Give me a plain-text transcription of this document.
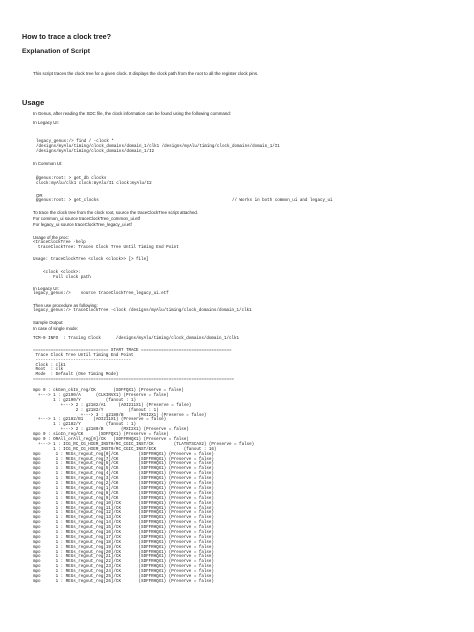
How to trace a clock tree?
Explanation of Script
This script traces the clock tree for a given clock. It displays the clock path from the root to all the register clock pins.
Usage
In Genus, after reading the SDC file, the clock information can be found using the following command:
In Legacy UI:
legacy_genus:/> find / -clock *
/designs/myAlu/timing/clock_domains/domain_1/clk1 /designs/myAlu/timing/clock_domains/domain_1/I1
/designs/myAlu/timing/clock_domains/domain_1/I2
In Common UI:
@genus:root: > get_db clocks
clock:myAlu/clk1 clock:myAlu/I1 clock:myAlu/I2
OR
@genus:root: > get_clocks	// Works in both common_ui and legacy_ui
To trace the clock tree from the clock root, source the traceClockTree script attached.
For common_ui source traceClockTree_common_ui.etf
For legacy_ui source traceClockTree_legacy_ui.etf
Usage of the proc:
<traceClockTree -help
traceClockTree: Traces Clock Tree Until Timing End Point
Usage: traceClockTree <clock <clock>> [> file]
<clock <clock>:
Full clock path
In Legacy UI:
legacy_genus:/>    source traceClockTree_legacy_ui.etf
Then use procedure as following:
legacy_genus:/> traceClockTree -clock /designs/myAlu/timing/clock_domains/domain_1/clk1
Sample Output:
In case of single mode:
TCM-0 INFO  : Tracing Clock      /designs/myAlu/timing/clock_domains/domain_1/clk1
============================== START TRACE ====================================
Trace Clock Tree Until Timing End Point
--------------------------------------
Clock : clk1
Root  : clk
Mode  : Default (One Timing Mode)
================================================================================
mpo 0 : ckGen_ckIn_reg/CK       (SDFFQX1) (Preserve = false)
+---> 1 : g2190/A      (CLKINVX1) (Preserve = false)
1 : g2190/Y          (fanout : 1)
+---> 2 : g2182/A1     (AOI211X1) (Preserve = false)
2 : g2182/Y          (fanout : 1)
+---> 3 : g2180/B      (MXI2X1) (Preserve = false)
+---> 1 : g2182/B1    (AOI211X1) (Preserve = false)
1 : g2182/Y          (fanout : 1)
+---> 2 : g2180/B       (MXI2X1) (Preserve = false)
mpo 0 : sioIn_reg/CK      (SDFFQX1) (Preserve = false)
mpo 0 : ORAll_orAll_reg[0]/CK   (SDFFRHQX1) (Preserve = false)
+---> 1 : ICG_RC_CG_HIER_INST0/RC_CGIC_INST/CK        (TLATNTSCAX2) (Preserve = false)
1 : ICG_RC_CG_HIER_INST0/RC_CGIC_INST/ECK           (fanout : 16)
mpo      1 : REGs_regout_reg[0]/CK        (SDFFRHQX1) (Preserve = false)
mpo      1 : REGs_regout_reg[7]/CK        (SDFFRHQX1) (Preserve = false)
mpo      1 : REGs_regout_reg[6]/CK        (SDFFRHQX1) (Preserve = false)
mpo      1 : REGs_regout_reg[5]/CK        (SDFFRHQX1) (Preserve = false)
mpo      1 : REGs_regout_reg[4]/CK        (SDFFRHQX1) (Preserve = false)
mpo      1 : REGs_regout_reg[3]/CK        (SDFFRHQX1) (Preserve = false)
mpo      1 : REGs_regout_reg[2]/CK        (SDFFRHQX1) (Preserve = false)
mpo      1 : REGs_regout_reg[1]/CK        (SDFFRHQX1) (Preserve = false)
mpo      1 : REGs_regout_reg[8]/CK        (SDFFRHQX1) (Preserve = false)
mpo      1 : REGs_regout_reg[9]/CK        (SDFFRHQX1) (Preserve = false)
mpo      1 : REGs_regout_reg[10]/CK       (SDFFRHQX1) (Preserve = false)
mpo      1 : REGs_regout_reg[11]/CK       (SDFFRHQX1) (Preserve = false)
mpo      1 : REGs_regout_reg[12]/CK       (SDFFRHQX1) (Preserve = false)
mpo      1 : REGs_regout_reg[13]/CK       (SDFFRHQX1) (Preserve = false)
mpo      1 : REGs_regout_reg[14]/CK       (SDFFRHQX1) (Preserve = false)
mpo      1 : REGs_regout_reg[15]/CK       (SDFFRHQX1) (Preserve = false)
mpo      1 : REGs_regout_reg[16]/CK       (SDFFRHQX1) (Preserve = false)
mpo      1 : REGs_regout_reg[17]/CK       (SDFFRHQX1) (Preserve = false)
mpo      1 : REGs_regout_reg[18]/CK       (SDFFRHQX1) (Preserve = false)
mpo      1 : REGs_regout_reg[19]/CK       (SDFFRHQX1) (Preserve = false)
mpo      1 : REGs_regout_reg[20]/CK       (SDFFRHQX1) (Preserve = false)
mpo      1 : REGs_regout_reg[21]/CK       (SDFFRHQX1) (Preserve = false)
mpo      1 : REGs_regout_reg[22]/CK       (SDFFRHQX1) (Preserve = false)
mpo      1 : REGs_regout_reg[23]/CK       (SDFFRHQX1) (Preserve = false)
mpo      1 : REGs_regout_reg[24]/CK       (SDFFRHQX1) (Preserve = false)
mpo      1 : REGs_regout_reg[25]/CK       (SDFFRHQX1) (Preserve = false)
mpo      1 : REGs_regout_reg[26]/CK       (SDFFRHQX1) (Preserve = false)
